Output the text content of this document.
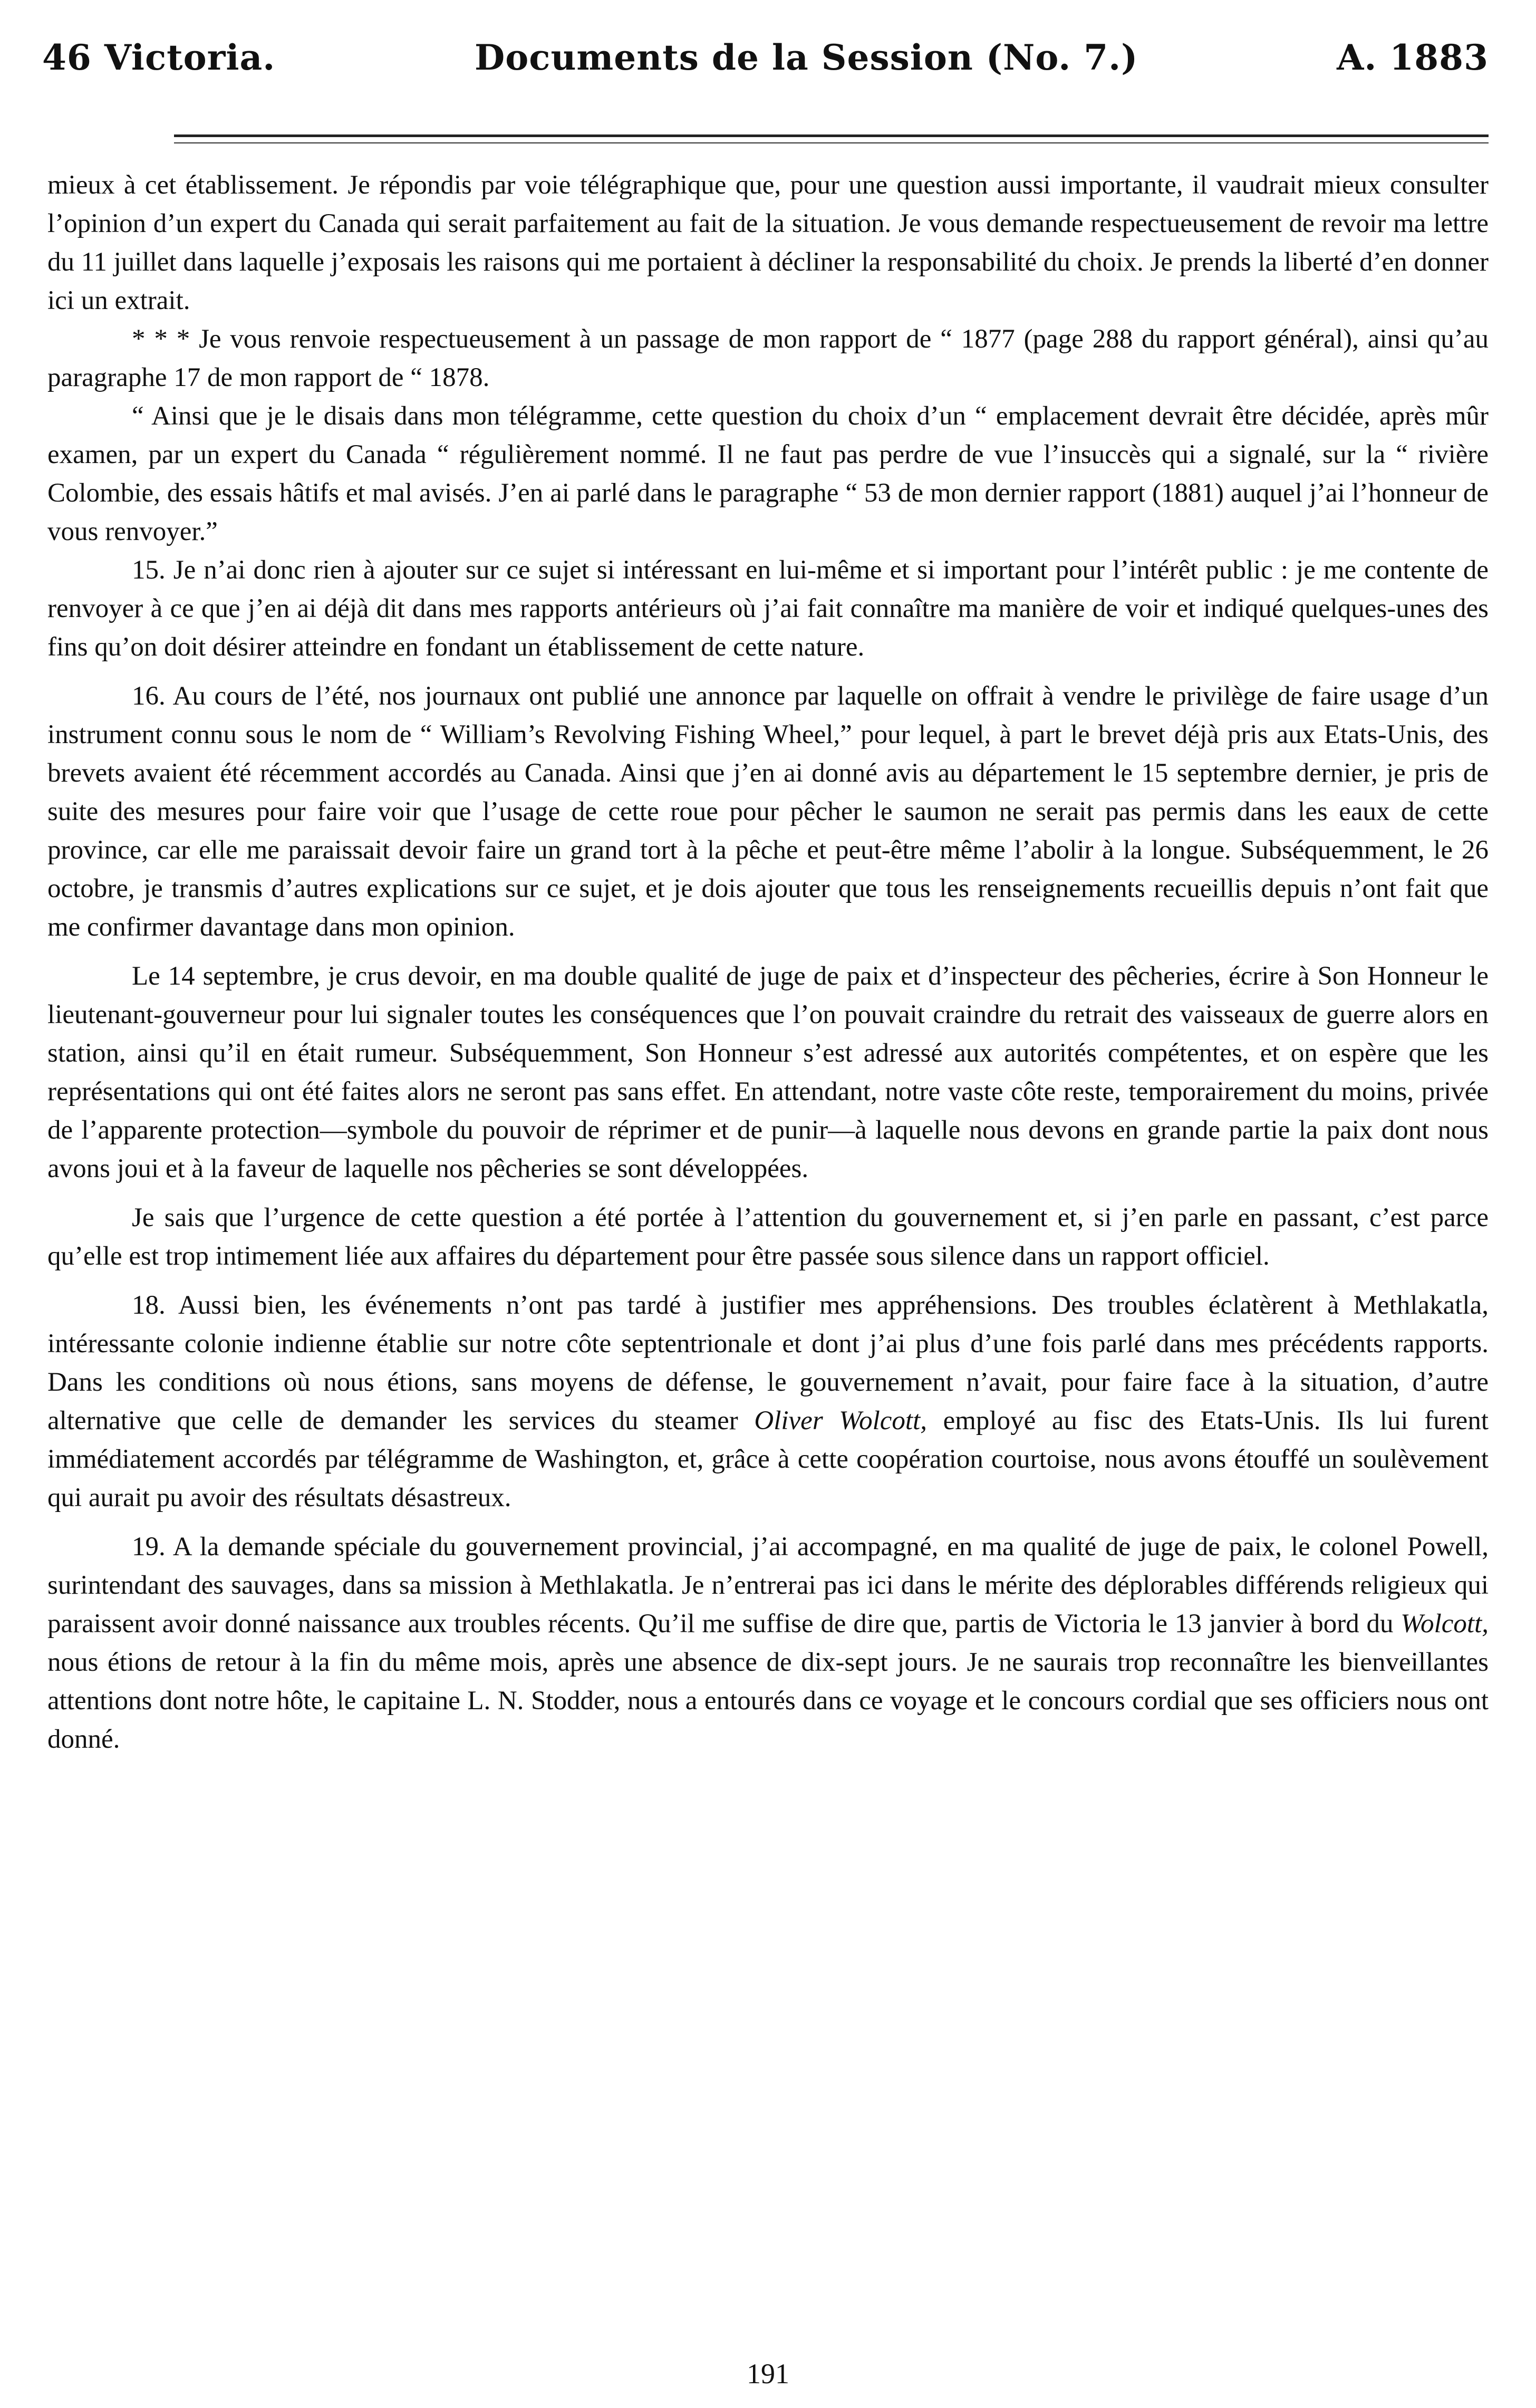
46 Victoria.	Documents de la Session (No. 7.)	A. 1883

mieux à cet établissement. Je répondis par voie télégraphique que, pour une question aussi importante, il vaudrait mieux consulter l’opinion d’un expert du Canada qui serait parfaitement au fait de la situation. Je vous demande respectueusement de revoir ma lettre du 11 juillet dans laquelle j’exposais les raisons qui me portaient à décliner la responsabilité du choix. Je prends la liberté d’en donner ici un extrait.

* * * Je vous renvoie respectueusement à un passage de mon rapport de “ 1877 (page 288 du rapport général), ainsi qu’au paragraphe 17 de mon rapport de “ 1878.

“ Ainsi que je le disais dans mon télégramme, cette question du choix d’un “ emplacement devrait être décidée, après mûr examen, par un expert du Canada “ régulièrement nommé. Il ne faut pas perdre de vue l’insuccès qui a signalé, sur la “ rivière Colombie, des essais hâtifs et mal avisés. J’en ai parlé dans le paragraphe “ 53 de mon dernier rapport (1881) auquel j’ai l’honneur de vous renvoyer.”

15. Je n’ai donc rien à ajouter sur ce sujet si intéressant en lui-même et si important pour l’intérêt public : je me contente de renvoyer à ce que j’en ai déjà dit dans mes rapports antérieurs où j’ai fait connaître ma manière de voir et indiqué quelques-unes des fins qu’on doit désirer atteindre en fondant un établissement de cette nature.

16. Au cours de l’été, nos journaux ont publié une annonce par laquelle on offrait à vendre le privilège de faire usage d’un instrument connu sous le nom de “ William’s Revolving Fishing Wheel,” pour lequel, à part le brevet déjà pris aux Etats-Unis, des brevets avaient été récemment accordés au Canada. Ainsi que j’en ai donné avis au département le 15 septembre dernier, je pris de suite des mesures pour faire voir que l’usage de cette roue pour pêcher le saumon ne serait pas permis dans les eaux de cette province, car elle me paraissait devoir faire un grand tort à la pêche et peut-être même l’abolir à la longue. Subséquemment, le 26 octobre, je transmis d’autres explications sur ce sujet, et je dois ajouter que tous les renseignements recueillis depuis n’ont fait que me confirmer davantage dans mon opinion.

Le 14 septembre, je crus devoir, en ma double qualité de juge de paix et d’inspecteur des pêcheries, écrire à Son Honneur le lieutenant-gouverneur pour lui signaler toutes les conséquences que l’on pouvait craindre du retrait des vaisseaux de guerre alors en station, ainsi qu’il en était rumeur. Subséquemment, Son Honneur s’est adressé aux autorités compétentes, et on espère que les représentations qui ont été faites alors ne seront pas sans effet. En attendant, notre vaste côte reste, temporairement du moins, privée de l’apparente protection—symbole du pouvoir de réprimer et de punir—à laquelle nous devons en grande partie la paix dont nous avons joui et à la faveur de laquelle nos pêcheries se sont développées.

Je sais que l’urgence de cette question a été portée à l’attention du gouvernement et, si j’en parle en passant, c’est parce qu’elle est trop intimement liée aux affaires du département pour être passée sous silence dans un rapport officiel.

18. Aussi bien, les événements n’ont pas tardé à justifier mes appréhensions. Des troubles éclatèrent à Methlakatla, intéressante colonie indienne établie sur notre côte septentrionale et dont j’ai plus d’une fois parlé dans mes précédents rapports. Dans les conditions où nous étions, sans moyens de défense, le gouvernement n’avait, pour faire face à la situation, d’autre alternative que celle de demander les services du steamer Oliver Wolcott, employé au fisc des Etats-Unis. Ils lui furent immédiatement accordés par télégramme de Washington, et, grâce à cette coopération courtoise, nous avons étouffé un soulèvement qui aurait pu avoir des résultats désastreux.

19. A la demande spéciale du gouvernement provincial, j’ai accompagné, en ma qualité de juge de paix, le colonel Powell, surintendant des sauvages, dans sa mission à Methlakatla. Je n’entrerai pas ici dans le mérite des déplorables différends religieux qui paraissent avoir donné naissance aux troubles récents. Qu’il me suffise de dire que, partis de Victoria le 13 janvier à bord du Wolcott, nous étions de retour à la fin du même mois, après une absence de dix-sept jours. Je ne saurais trop reconnaître les bienveillantes attentions dont notre hôte, le capitaine L. N. Stodder, nous a entourés dans ce voyage et le concours cordial que ses officiers nous ont donné.

191
